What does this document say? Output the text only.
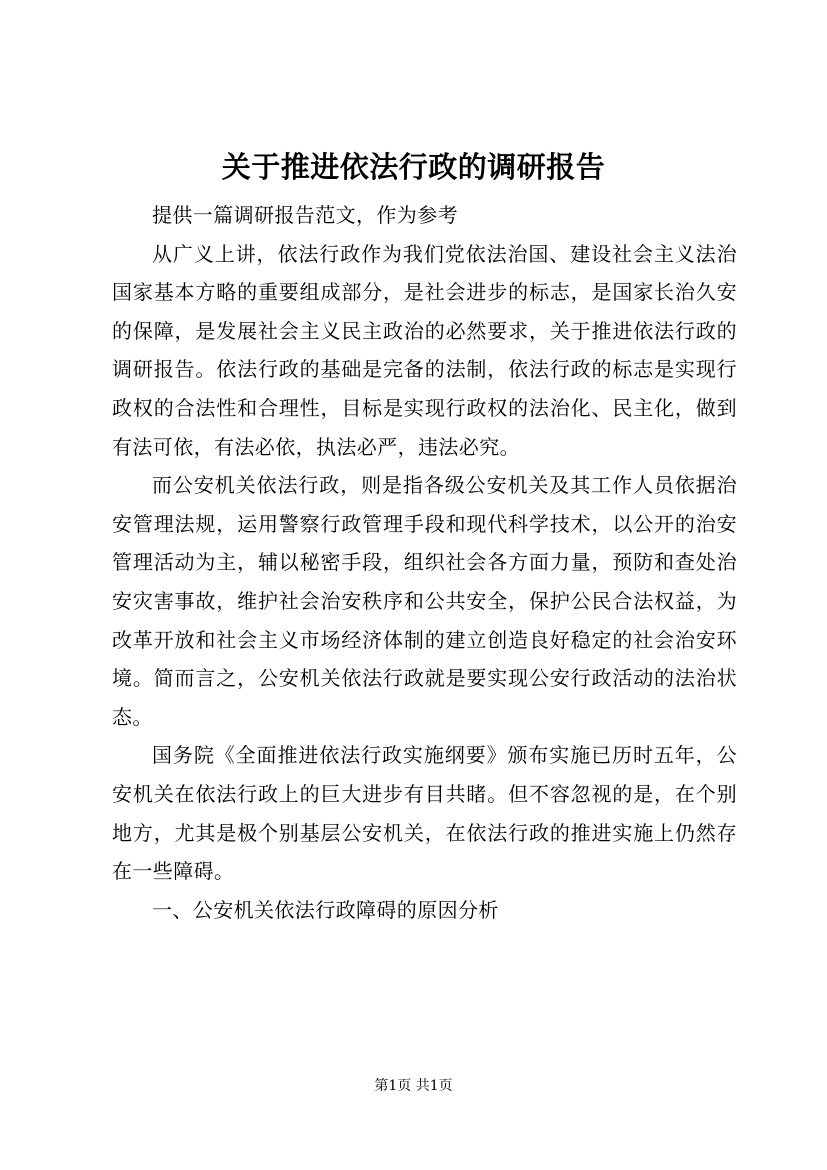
关于推进依法行政的调研报告

提供一篇调研报告范文，作为参考

从广义上讲，依法行政作为我们党依法治国、建设社会主义法治国家基本方略的重要组成部分，是社会进步的标志，是国家长治久安的保障，是发展社会主义民主政治的必然要求，关于推进依法行政的调研报告。依法行政的基础是完备的法制，依法行政的标志是实现行政权的合法性和合理性，目标是实现行政权的法治化、民主化，做到有法可依，有法必依，执法必严，违法必究。

而公安机关依法行政，则是指各级公安机关及其工作人员依据治安管理法规，运用警察行政管理手段和现代科学技术，以公开的治安管理活动为主，辅以秘密手段，组织社会各方面力量，预防和查处治安灾害事故，维护社会治安秩序和公共安全，保护公民合法权益，为改革开放和社会主义市场经济体制的建立创造良好稳定的社会治安环境。简而言之，公安机关依法行政就是要实现公安行政活动的法治状态。

国务院《全面推进依法行政实施纲要》颁布实施已历时五年，公安机关在依法行政上的巨大进步有目共睹。但不容忽视的是，在个别地方，尤其是极个别基层公安机关，在依法行政的推进实施上仍然存在一些障碍。

一、公安机关依法行政障碍的原因分析

第1页 共1页
